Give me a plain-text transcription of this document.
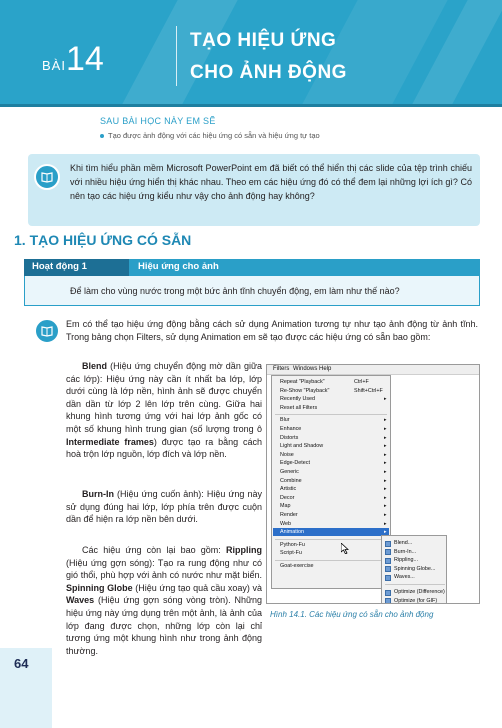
BÀI 14	TẠO HIỆU ỨNG
CHO ẢNH ĐỘNG
SAU BÀI HỌC NÀY EM SẼ
Tạo được ảnh động với các hiệu ứng có sẵn và hiệu ứng tự tạo
Khi tìm hiểu phần mềm Microsoft PowerPoint em đã biết có thể hiển thị các slide của tệp trình chiếu với nhiều hiệu ứng hiển thị khác nhau. Theo em các hiệu ứng đó có thể đem lại những lợi ích gì? Có nên tạo các hiệu ứng kiểu như vậy cho ảnh động hay không?
1. TẠO HIỆU ỨNG CÓ SẴN
Hoạt động 1	Hiệu ứng cho ảnh
Để làm cho vùng nước trong một bức ảnh tĩnh chuyển động, em làm như thế nào?
Em có thể tạo hiệu ứng động bằng cách sử dụng Animation tương tự như tạo ảnh động từ ảnh tĩnh. Trong bảng chọn Filters, sử dụng Animation em sẽ tạo được các hiệu ứng có sẵn bao gồm:
Blend (Hiệu ứng chuyển động mờ dần giữa các lớp): Hiệu ứng này cần ít nhất ba lớp, lớp dưới cùng là lớp nền, hình ảnh sẽ được chuyển dần dần từ lớp 2 lên lớp trên cùng. Giữa hai khung hình tương ứng với hai lớp ảnh gốc có một số khung hình trung gian (số lượng trong ô Intermediate frames) được tạo ra bằng cách hoà trộn lớp nguồn, lớp đích và lớp nền.
Burn-In (Hiệu ứng cuốn ảnh): Hiệu ứng này sử dụng đúng hai lớp, lớp phía trên được cuộn dần để hiện ra lớp nền bên dưới.
Các hiệu ứng còn lại bao gồm: Rippling (Hiệu ứng gợn sóng): Tạo ra rung động như có gió thổi, phù hợp với ảnh có nước như mặt biển. Spinning Globe (Hiệu ứng tạo quả cầu xoay) và Waves (Hiệu ứng gợn sóng vòng tròn). Những hiệu ứng này ứng dụng trên một ảnh, là ảnh của lớp đang được chọn, những lớp còn lại chỉ tương ứng một khung hình như trong ảnh động thường.
Filters Windows Help
Repeat "Playback"	Ctrl+F
Re-Show "Playback"	Shift+Ctrl+F
Recently Used	▸
Reset all Filters
Blur	▸
Enhance	▸
Distorts	▸
Light and Shadow	▸
Noise	▸
Edge-Detect	▸
Generic	▸
Combine	▸
Artistic	▸
Decor	▸
Map	▸
Render	▸
Web	▸
Animation	▸
Python-Fu
Script-Fu
Goat-exercise
Blend...
Burn-In...
Rippling...
Spinning Globe...
Waves...
Optimize (Difference)
Optimize (for GIF)
Hình 14.1. Các hiệu ứng có sẵn cho ảnh động
64
